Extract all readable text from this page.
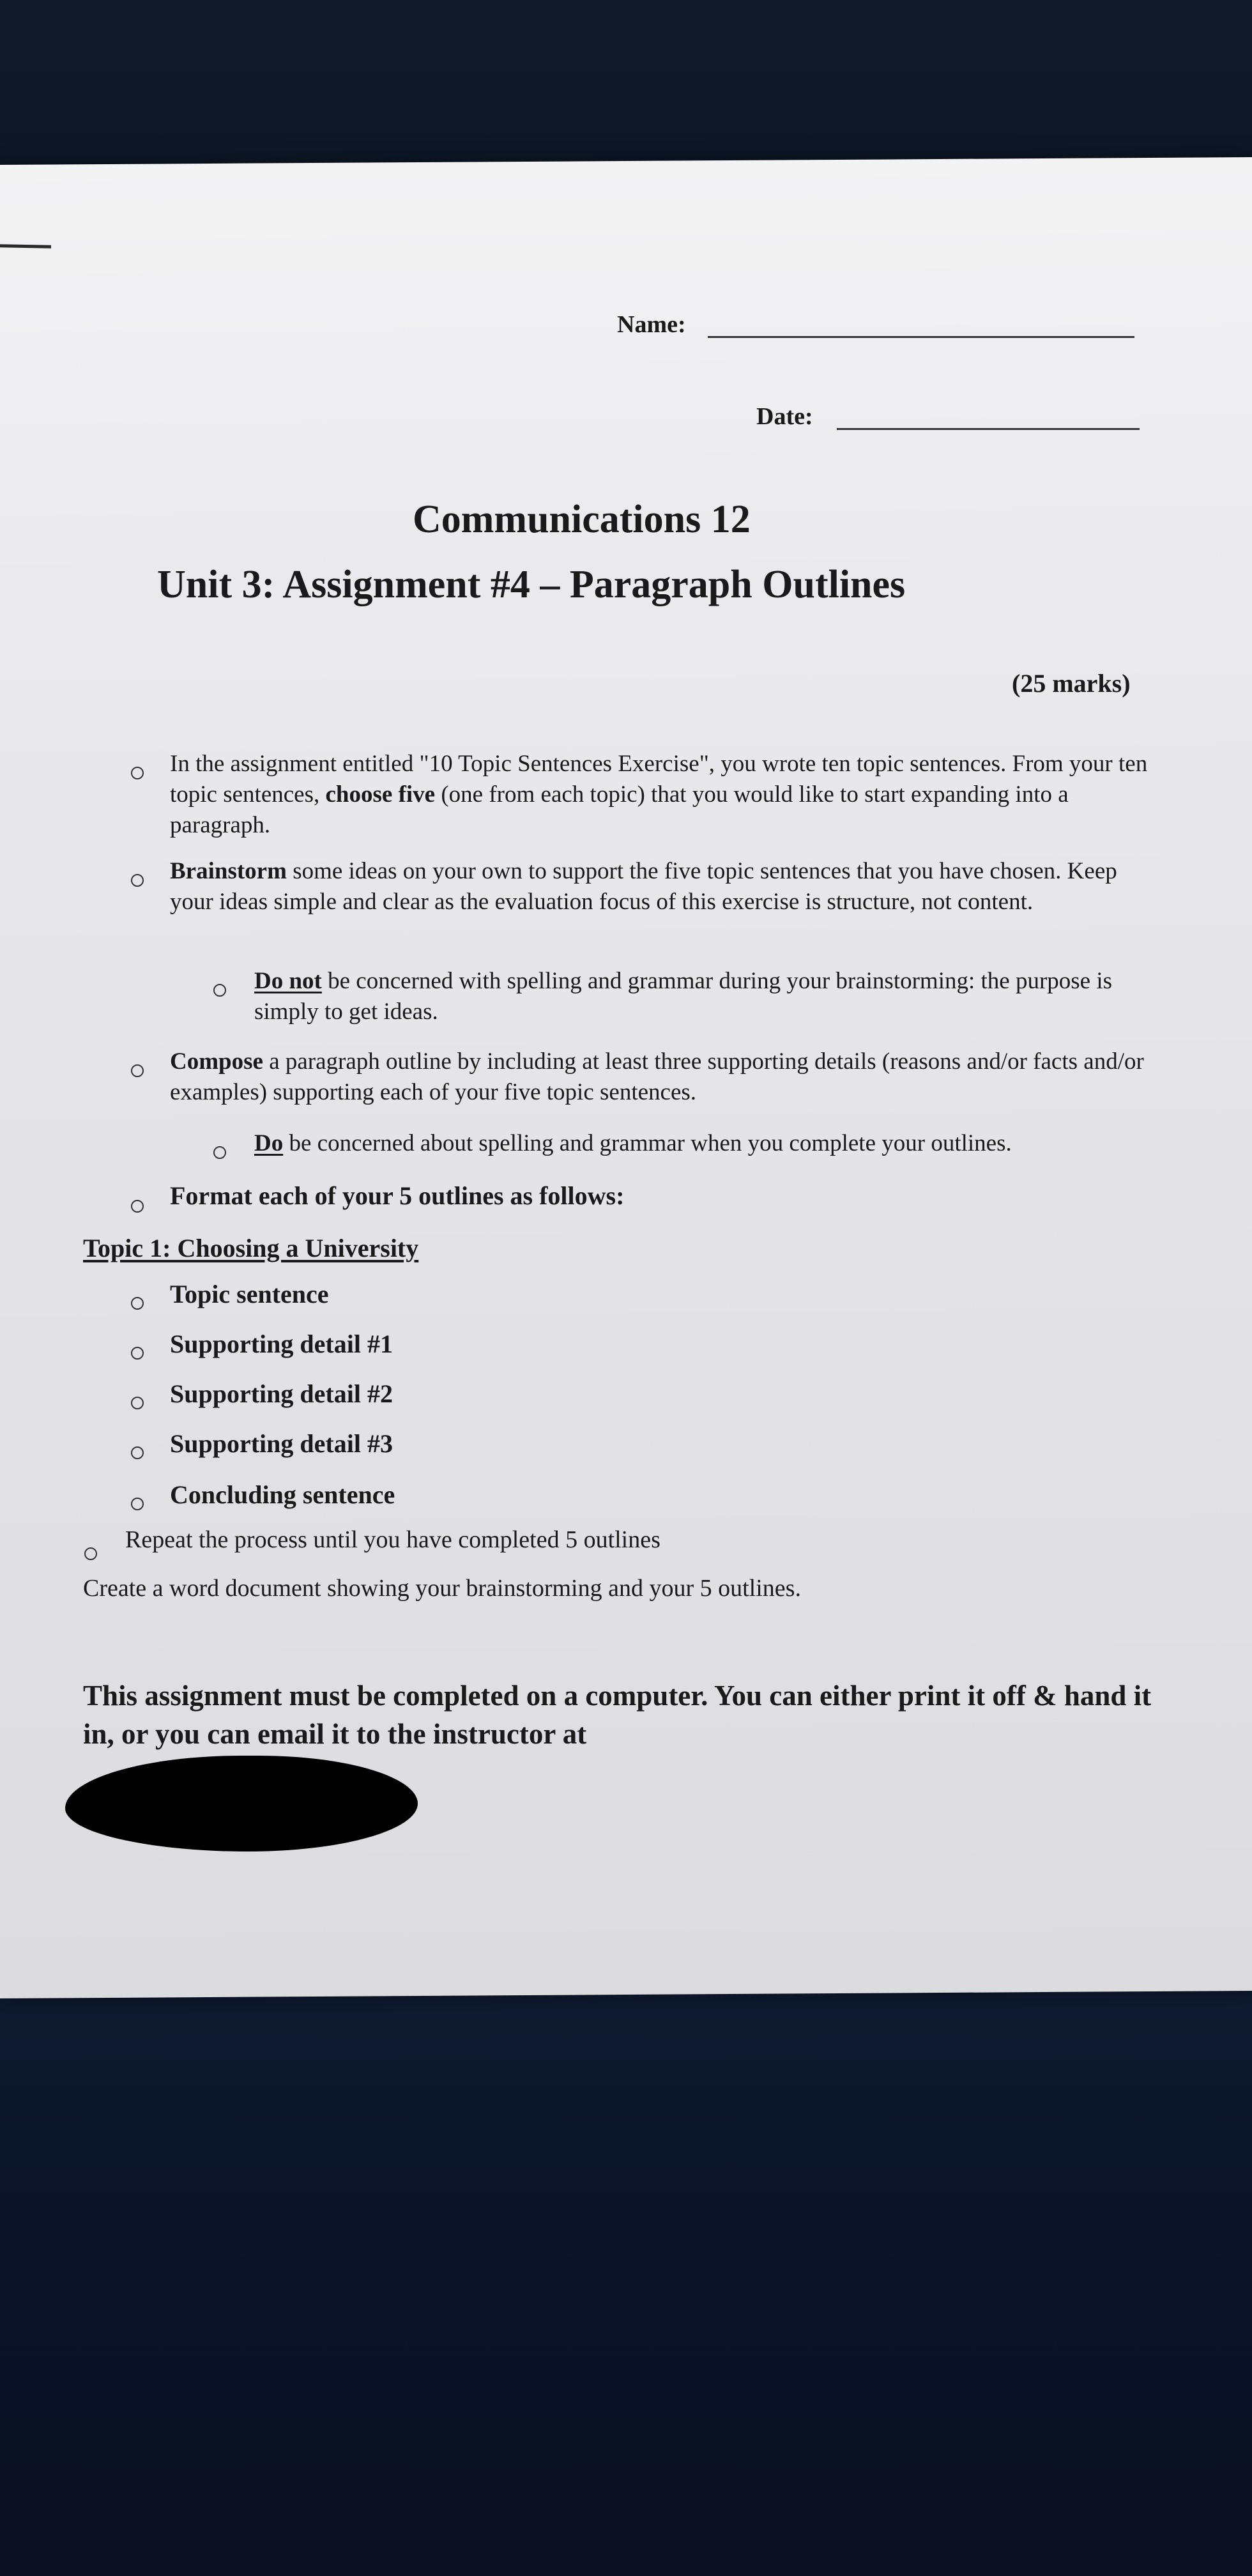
Name:
Date:
Communications 12
Unit 3: Assignment #4 – Paragraph Outlines
(25 marks)
In the assignment entitled "10 Topic Sentences Exercise", you wrote ten topic sentences. From your ten topic sentences, choose five (one from each topic) that you would like to start expanding into a paragraph.
Brainstorm some ideas on your own to support the five topic sentences that you have chosen. Keep your ideas simple and clear as the evaluation focus of this exercise is structure, not content.
Do not be concerned with spelling and grammar during your brainstorming: the purpose is simply to get ideas.
Compose a paragraph outline by including at least three supporting details (reasons and/or facts and/or examples) supporting each of your five topic sentences.
Do be concerned about spelling and grammar when you complete your outlines.
Format each of your 5 outlines as follows:
Topic 1: Choosing a University
Topic sentence
Supporting detail #1
Supporting detail #2
Supporting detail #3
Concluding sentence
Repeat the process until you have completed 5 outlines
Create a word document showing your brainstorming and your 5 outlines.
This assignment must be completed on a computer. You can either print it off & hand it in, or you can email it to the instructor at
